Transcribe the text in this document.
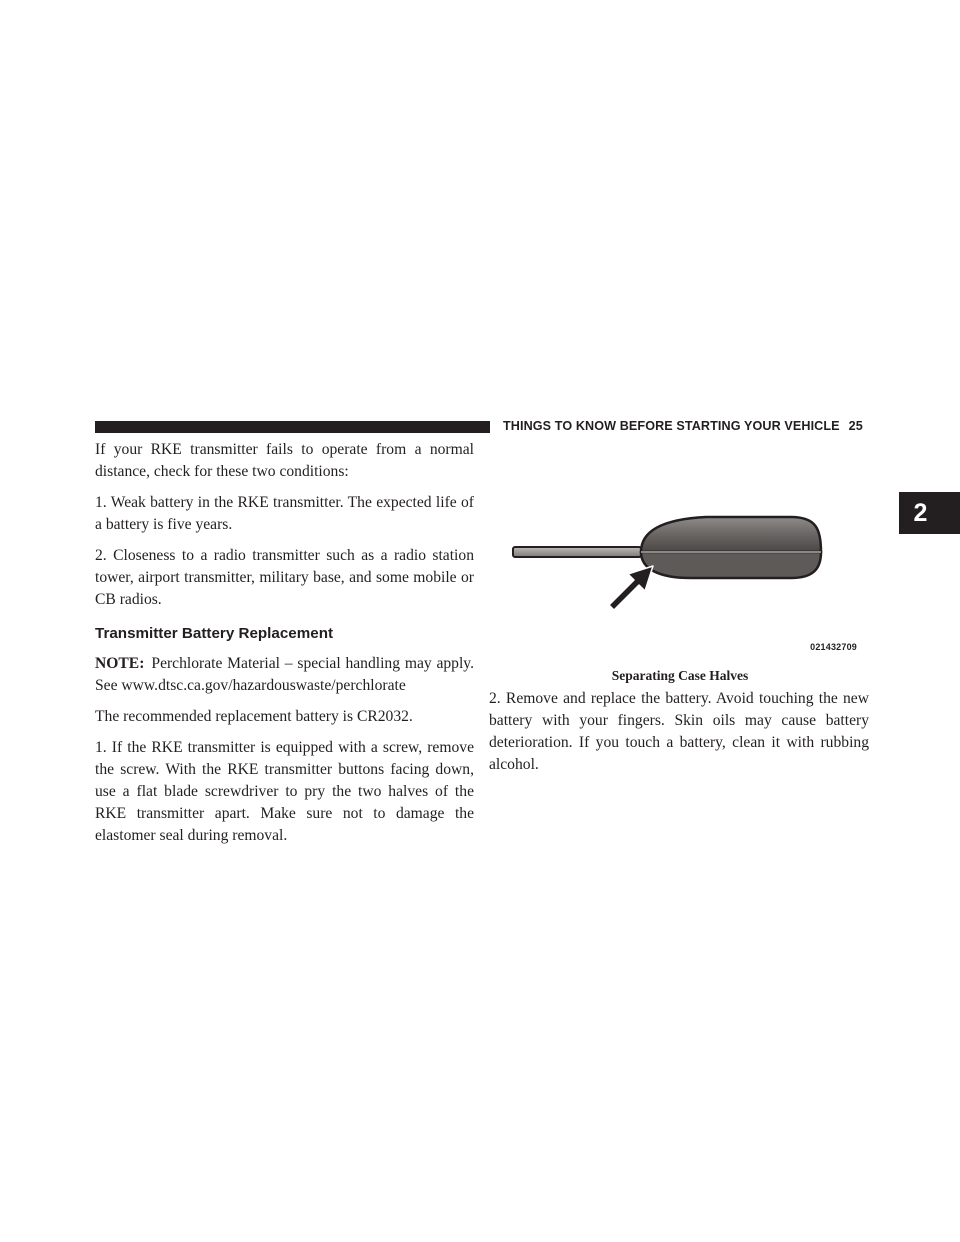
THINGS TO KNOW BEFORE STARTING YOUR VEHICLE 25
2

If your RKE transmitter fails to operate from a normal distance, check for these two conditions:

1. Weak battery in the RKE transmitter. The expected life of a battery is five years.

2. Closeness to a radio transmitter such as a radio station tower, airport transmitter, military base, and some mobile or CB radios.

Transmitter Battery Replacement

NOTE: Perchlorate Material – special handling may apply. See www.dtsc.ca.gov/hazardouswaste/perchlorate

The recommended replacement battery is CR2032.

1. If the RKE transmitter is equipped with a screw, remove the screw. With the RKE transmitter buttons facing down, use a flat blade screwdriver to pry the two halves of the RKE transmitter apart. Make sure not to damage the elastomer seal during removal.

021432709
Separating Case Halves

2. Remove and replace the battery. Avoid touching the new battery with your fingers. Skin oils may cause battery deterioration. If you touch a battery, clean it with rubbing alcohol.
